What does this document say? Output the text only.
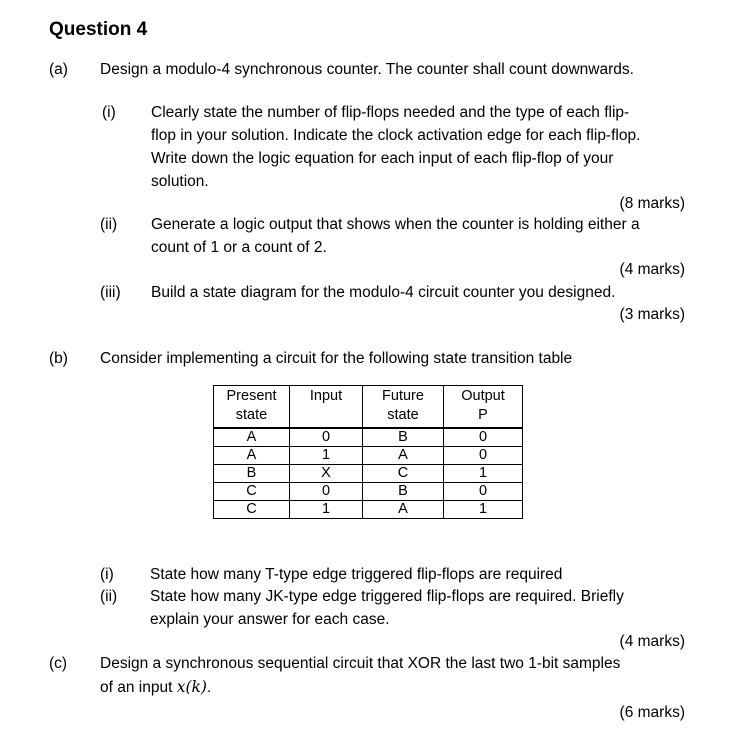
Question 4
(a) Design a modulo-4 synchronous counter. The counter shall count downwards.
(i) Clearly state the number of flip-flops needed and the type of each flip-
flop in your solution. Indicate the clock activation edge for each flip-flop.
Write down the logic equation for each input of each flip-flop of your
solution.
(8 marks)
(ii) Generate a logic output that shows when the counter is holding either a
count of 1 or a count of 2.
(4 marks)
(iii) Build a state diagram for the modulo-4 circuit counter you designed.
(3 marks)
(b) Consider implementing a circuit for the following state transition table
Present
state	Input	Future
state	Output
P
A	0	B	0
A	1	A	0
B	X	C	1
C	0	B	0
C	1	A	1
(i) State how many T-type edge triggered flip-flops are required
(ii) State how many JK-type edge triggered flip-flops are required. Briefly
explain your answer for each case.
(4 marks)
(c) Design a synchronous sequential circuit that XOR the last two 1-bit samples
of an input x(k).
(6 marks)
